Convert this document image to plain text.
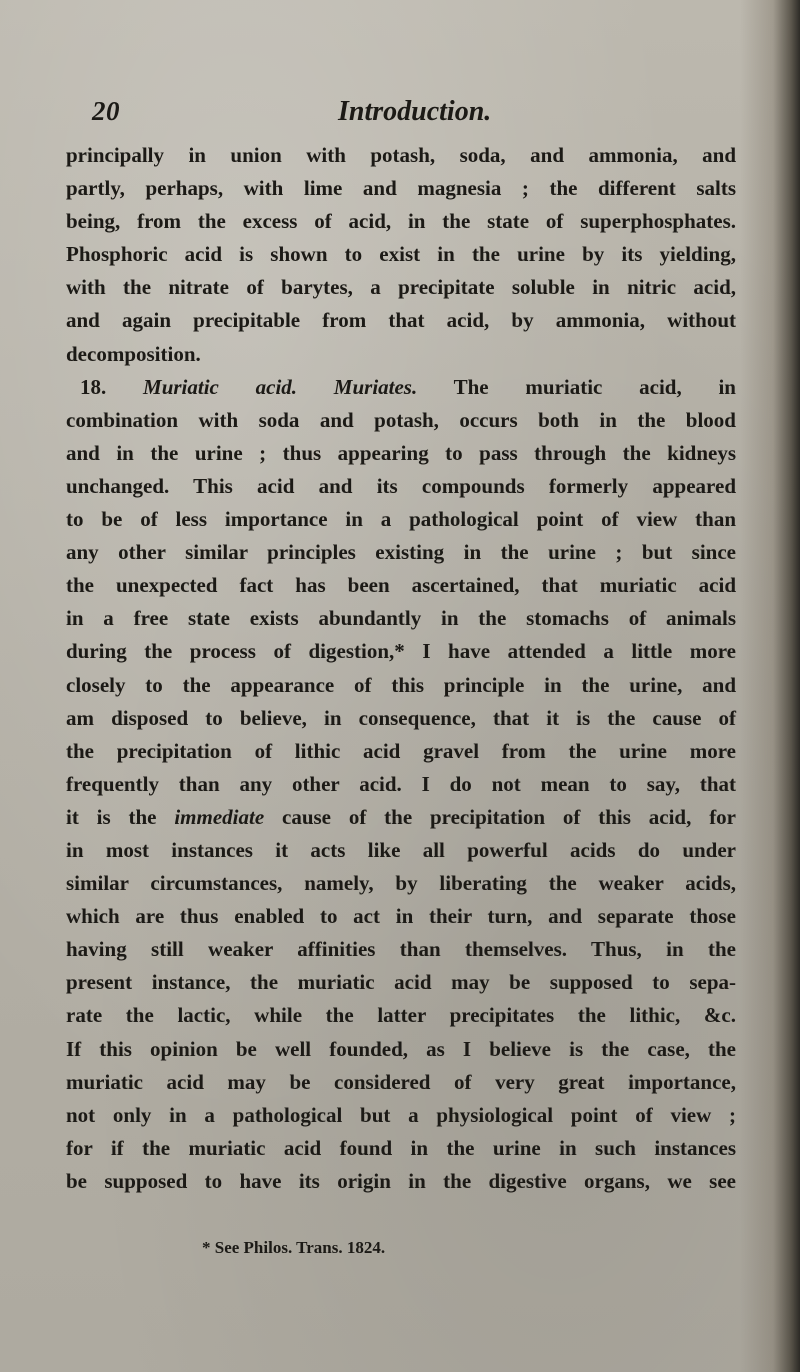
20	Introduction.
principally in union with potash, soda, and ammonia, and
partly, perhaps, with lime and magnesia ; the different salts
being, from the excess of acid, in the state of superphosphates.
Phosphoric acid is shown to exist in the urine by its yielding,
with the nitrate of barytes, a precipitate soluble in nitric acid,
and again precipitable from that acid, by ammonia, without
decomposition.
18. Muriatic acid. Muriates. The muriatic acid, in
combination with soda and potash, occurs both in the blood
and in the urine ; thus appearing to pass through the kidneys
unchanged. This acid and its compounds formerly appeared
to be of less importance in a pathological point of view than
any other similar principles existing in the urine ; but since
the unexpected fact has been ascertained, that muriatic acid
in a free state exists abundantly in the stomachs of animals
during the process of digestion,* I have attended a little more
closely to the appearance of this principle in the urine, and
am disposed to believe, in consequence, that it is the cause of
the precipitation of lithic acid gravel from the urine more
frequently than any other acid. I do not mean to say, that
it is the immediate cause of the precipitation of this acid, for
in most instances it acts like all powerful acids do under
similar circumstances, namely, by liberating the weaker acids,
which are thus enabled to act in their turn, and separate those
having still weaker affinities than themselves. Thus, in the
present instance, the muriatic acid may be supposed to sepa-
rate the lactic, while the latter precipitates the lithic, &c.
If this opinion be well founded, as I believe is the case, the
muriatic acid may be considered of very great importance,
not only in a pathological but a physiological point of view ;
for if the muriatic acid found in the urine in such instances
be supposed to have its origin in the digestive organs, we see
* See Philos. Trans. 1824.
